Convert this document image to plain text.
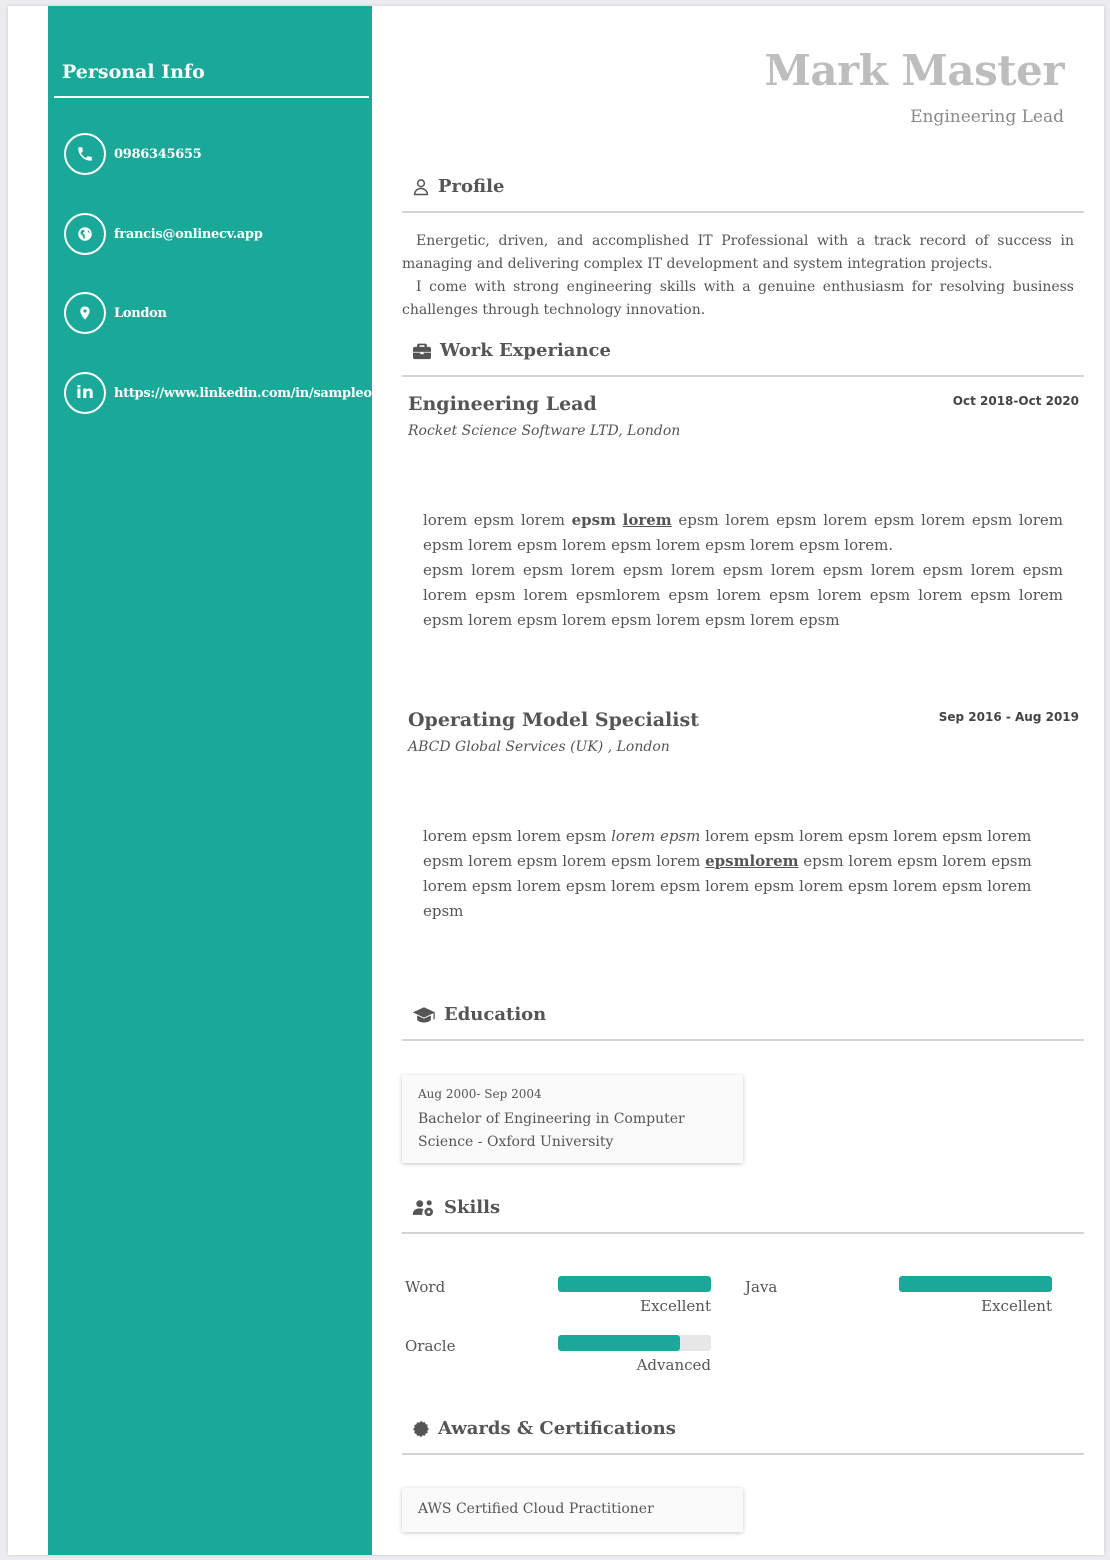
Personal Info
0986345655
francis@onlinecv.app
London
in https://www.linkedin.com/in/sampleonly/
Mark Master
Engineering Lead
Profile

Energetic, driven, and accomplished IT Professional with a track record of success in managing and delivering complex IT development and system integration projects.

I come with strong engineering skills with a genuine enthusiasm for resolving business challenges through technology innovation.

Work Experiance
Engineering Lead	Oct 2018-Oct 2020
Rocket Science Software LTD, London

lorem epsm lorem epsm lorem epsm lorem epsm lorem epsm lorem epsm lorem epsm lorem epsm lorem epsm lorem epsm lorem epsm lorem.

epsm lorem epsm lorem epsm lorem epsm lorem epsm lorem epsm lorem epsm lorem epsm lorem epsmlorem epsm lorem epsm lorem epsm lorem epsm lorem epsm lorem epsm lorem epsm lorem epsm lorem epsm

Operating Model Specialist	Sep 2016 - Aug 2019
ABCD Global Services (UK) , London

lorem epsm lorem epsm lorem epsm lorem epsm lorem epsm lorem epsm lorem epsm lorem epsm lorem epsm lorem epsmlorem epsm lorem epsm lorem epsm lorem epsm lorem epsm lorem epsm lorem epsm lorem epsm lorem epsm lorem epsm

Education
Aug 2000- Sep 2004
Bachelor of Engineering in Computer Science - Oxford University
Skills
Word
Excellent
Java
Excellent
Oracle
Advanced
Awards & Certifications
AWS Certified Cloud Practitioner
